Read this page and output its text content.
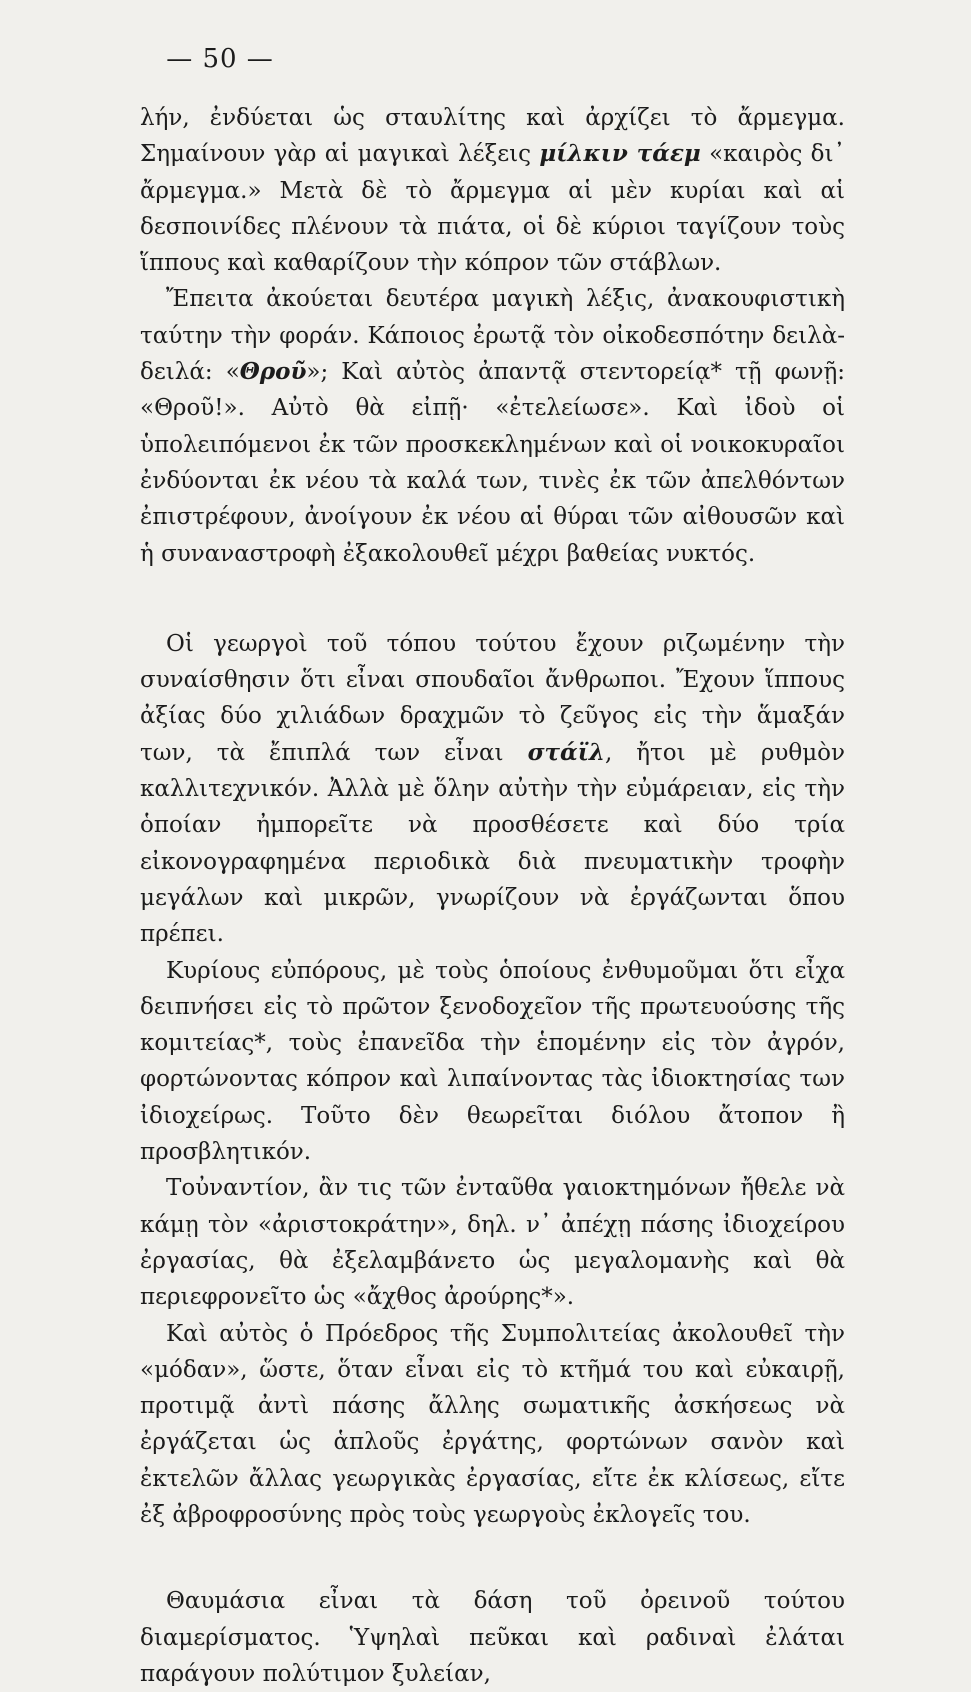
— 50 —

λήν, ἐνδύεται ὡς σταυλίτης καὶ ἀρχίζει τὸ ἄρμεγμα. Σημαίνουν γὰρ αἱ μαγικαὶ λέξεις μίλκιν τάεμ «καιρὸς δι᾽ ἄρμεγμα.» Μετὰ δὲ τὸ ἄρμεγμα αἱ μὲν κυρίαι καὶ αἱ δεσποινίδες πλένουν τὰ πιάτα, οἱ δὲ κύριοι ταγίζουν τοὺς ἵππους καὶ καθαρίζουν τὴν κόπρον τῶν στάβλων.

Ἔπειτα ἀκούεται δευτέρα μαγικὴ λέξις, ἀνακουφιστικὴ ταύτην τὴν φοράν. Κάποιος ἐρωτᾷ τὸν οἰκοδεσπότην δειλὰ-δειλά: «Θρoῦ»; Καὶ αὐτὸς ἀπαντᾷ στεντορείᾳ* τῇ φωνῇ: «Θροῦ!». Αὐτὸ θὰ εἰπῇ· «ἐτελείωσε». Καὶ ἰδοὺ οἱ ὑπολειπόμενοι ἐκ τῶν προσκεκλημένων καὶ οἱ νοικοκυραῖοι ἐνδύονται ἐκ νέου τὰ καλά των, τινὲς ἐκ τῶν ἀπελθόντων ἐπιστρέφουν, ἀνοίγουν ἐκ νέου αἱ θύραι τῶν αἰθουσῶν καὶ ἡ συναναστροφὴ ἐξακολουθεῖ μέχρι βαθείας νυκτός.

Οἱ γεωργοὶ τοῦ τόπου τούτου ἔχουν ριζωμένην τὴν συναίσθησιν ὅτι εἶναι σπουδαῖοι ἄνθρωποι. Ἔχουν ἵππους ἀξίας δύο χιλιάδων δραχμῶν τὸ ζεῦγος εἰς τὴν ἅμαξάν των, τὰ ἔπιπλά των εἶναι στάϊλ, ἤτοι μὲ ρυθμὸν καλλιτεχνικόν. Ἀλλὰ μὲ ὅλην αὐτὴν τὴν εὐμάρειαν, εἰς τὴν ὁποίαν ἠμπορεῖτε νὰ προσθέσετε καὶ δύο τρία εἰκονογραφημένα περιοδικὰ διὰ πνευματικὴν τροφὴν μεγάλων καὶ μικρῶν, γνωρίζουν νὰ ἐργάζωνται ὅπου πρέπει.

Κυρίους εὐπόρους, μὲ τοὺς ὁποίους ἐνθυμοῦμαι ὅτι εἶχα δειπνήσει εἰς τὸ πρῶτον ξενοδοχεῖον τῆς πρωτευούσης τῆς κομιτείας*, τοὺς ἐπανεῖδα τὴν ἑπομένην εἰς τὸν ἀγρόν, φορτώνοντας κόπρον καὶ λιπαίνοντας τὰς ἰδιοκτησίας των ἰδιοχείρως. Τοῦτο δὲν θεωρεῖται διόλου ἄτοπον ἢ προσβλητικόν.

Τοὐναντίον, ἂν τις τῶν ἐνταῦθα γαιοκτημόνων ἤθελε νὰ κάμῃ τὸν «ἀριστοκράτην», δηλ. ν᾽ ἀπέχῃ πάσης ἰδιοχείρου ἐργασίας, θὰ ἐξελαμβάνετο ὡς μεγαλομανὴς καὶ θὰ περιεφρονεῖτο ὡς «ἄχθος ἀρούρης*».

Καὶ αὐτὸς ὁ Πρόεδρος τῆς Συμπολιτείας ἀκολουθεῖ τὴν «μόδαν», ὥστε, ὅταν εἶναι εἰς τὸ κτῆμά του καὶ εὐκαιρῇ, προτιμᾷ ἀντὶ πάσης ἄλλης σωματικῆς ἀσκήσεως νὰ ἐργάζεται ὡς ἁπλοῦς ἐργάτης, φορτώνων σανὸν καὶ ἐκτελῶν ἄλλας γεωργικὰς ἐργασίας, εἴτε ἐκ κλίσεως, εἴτε ἐξ ἀβροφροσύνης πρὸς τοὺς γεωργοὺς ἐκλογεῖς του.

Θαυμάσια εἶναι τὰ δάση τοῦ ὀρεινοῦ τούτου διαμερίσματος. Ὑψηλαὶ πεῦκαι καὶ ραδιναὶ ἐλάται παράγουν πολύτιμον ξυλείαν,
